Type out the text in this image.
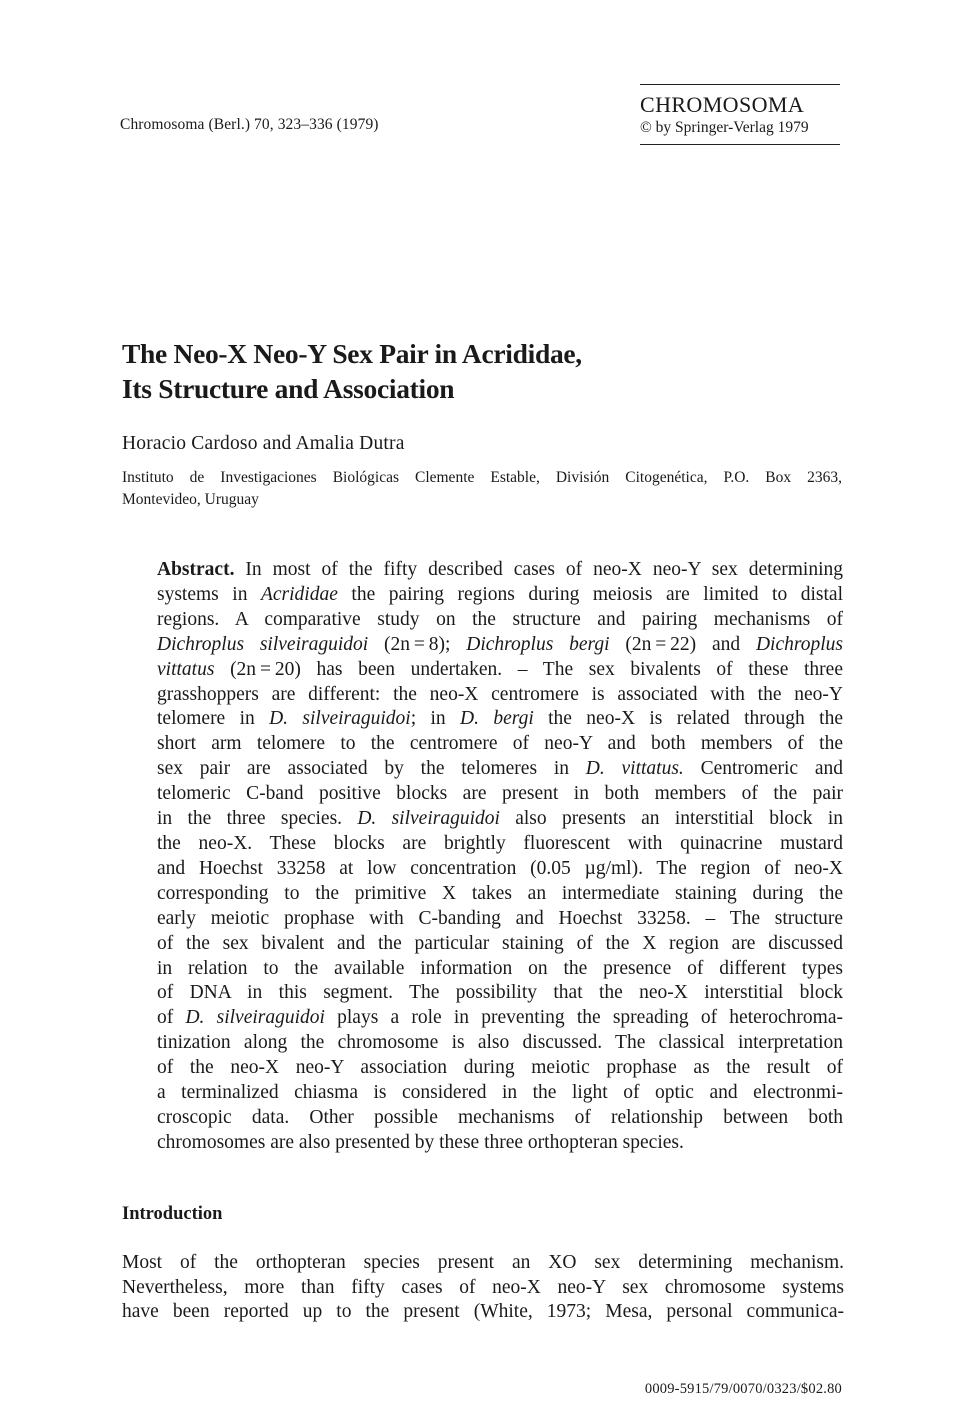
Chromosoma (Berl.) 70, 323–336 (1979)
CHROMOSOMA
© by Springer-Verlag 1979
The Neo-X Neo-Y Sex Pair in Acrididae,
Its Structure and Association
Horacio Cardoso and Amalia Dutra
Instituto de Investigaciones Biológicas Clemente Estable, División Citogenética, P.O. Box 2363,
Montevideo, Uruguay
Abstract. In most of the fifty described cases of neo-X neo-Y sex determining
systems in Acrididae the pairing regions during meiosis are limited to distal
regions. A comparative study on the structure and pairing mechanisms of
Dichroplus silveiraguidoi (2n = 8); Dichroplus bergi (2n = 22) and Dichroplus
vittatus (2n = 20) has been undertaken. – The sex bivalents of these three
grasshoppers are different: the neo-X centromere is associated with the neo-Y
telomere in D. silveiraguidoi; in D. bergi the neo-X is related through the
short arm telomere to the centromere of neo-Y and both members of the
sex pair are associated by the telomeres in D. vittatus. Centromeric and
telomeric C-band positive blocks are present in both members of the pair
in the three species. D. silveiraguidoi also presents an interstitial block in
the neo-X. These blocks are brightly fluorescent with quinacrine mustard
and Hoechst 33258 at low concentration (0.05 µg/ml). The region of neo-X
corresponding to the primitive X takes an intermediate staining during the
early meiotic prophase with C-banding and Hoechst 33258. – The structure
of the sex bivalent and the particular staining of the X region are discussed
in relation to the available information on the presence of different types
of DNA in this segment. The possibility that the neo-X interstitial block
of D. silveiraguidoi plays a role in preventing the spreading of heterochroma-
tinization along the chromosome is also discussed. The classical interpretation
of the neo-X neo-Y association during meiotic prophase as the result of
a terminalized chiasma is considered in the light of optic and electronmi-
croscopic data. Other possible mechanisms of relationship between both
chromosomes are also presented by these three orthopteran species.
Introduction
Most of the orthopteran species present an XO sex determining mechanism.
Nevertheless, more than fifty cases of neo-X neo-Y sex chromosome systems
have been reported up to the present (White, 1973; Mesa, personal communica-
0009-5915/79/0070/0323/$02.80
